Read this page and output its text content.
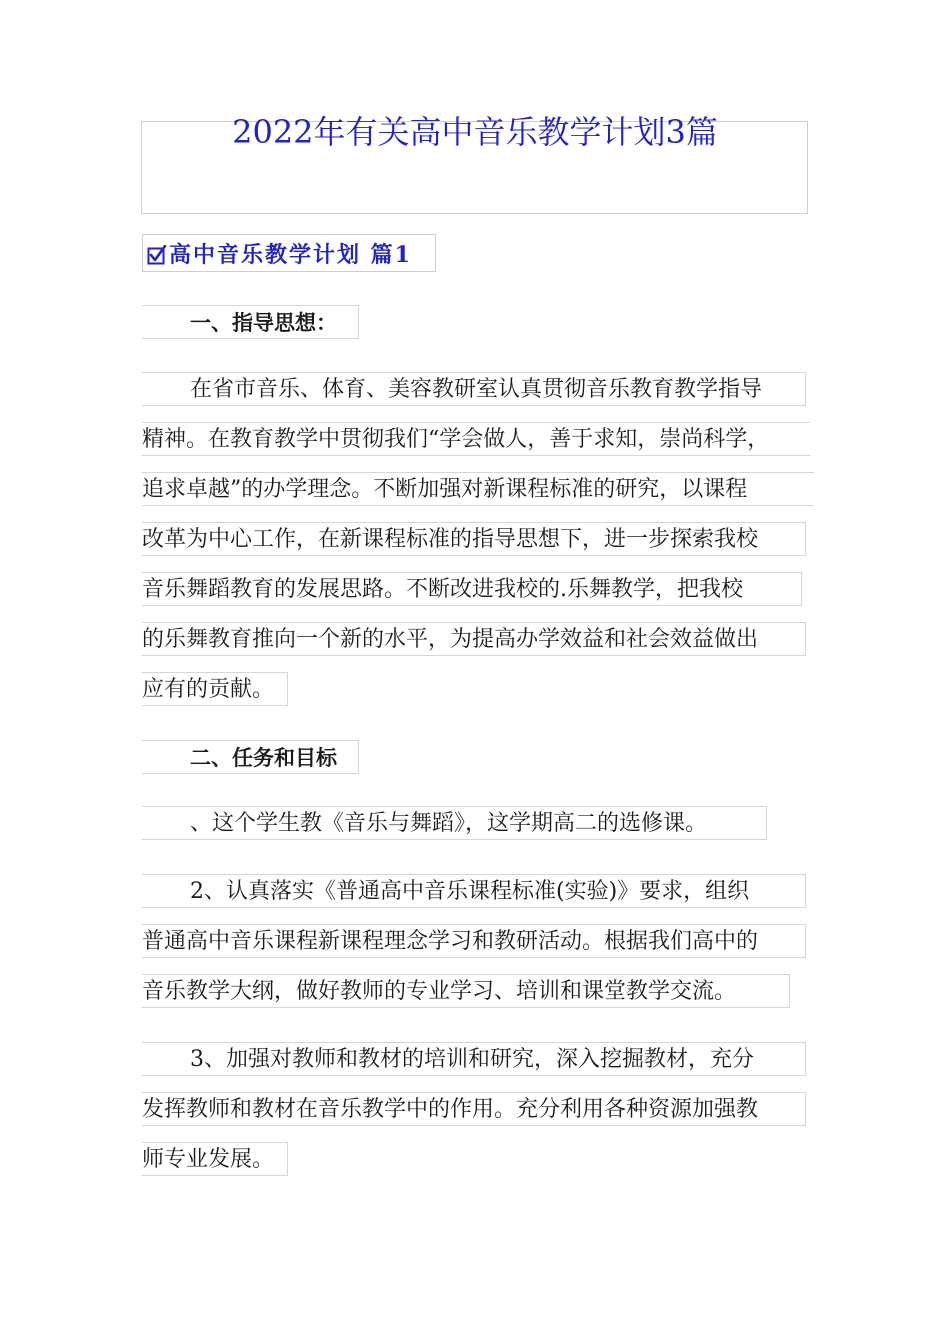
2022年有关高中音乐教学计划3篇
高中音乐教学计划 篇1
一、指导思想：
在省市音乐、体育、美容教研室认真贯彻音乐教育教学指导
精神。在教育教学中贯彻我们“学会做人，善于求知，崇尚科学，
追求卓越”的办学理念。不断加强对新课程标准的研究，以课程
改革为中心工作，在新课程标准的指导思想下，进一步探索我校
音乐舞蹈教育的发展思路。不断改进我校的.乐舞教学，把我校
的乐舞教育推向一个新的水平，为提高办学效益和社会效益做出
应有的贡献。
二、任务和目标
、这个学生教《音乐与舞蹈》，这学期高二的选修课。
2、认真落实《普通高中音乐课程标准(实验)》要求，组织
普通高中音乐课程新课程理念学习和教研活动。根据我们高中的
音乐教学大纲，做好教师的专业学习、培训和课堂教学交流。
3、加强对教师和教材的培训和研究，深入挖掘教材，充分
发挥教师和教材在音乐教学中的作用。充分利用各种资源加强教
师专业发展。
